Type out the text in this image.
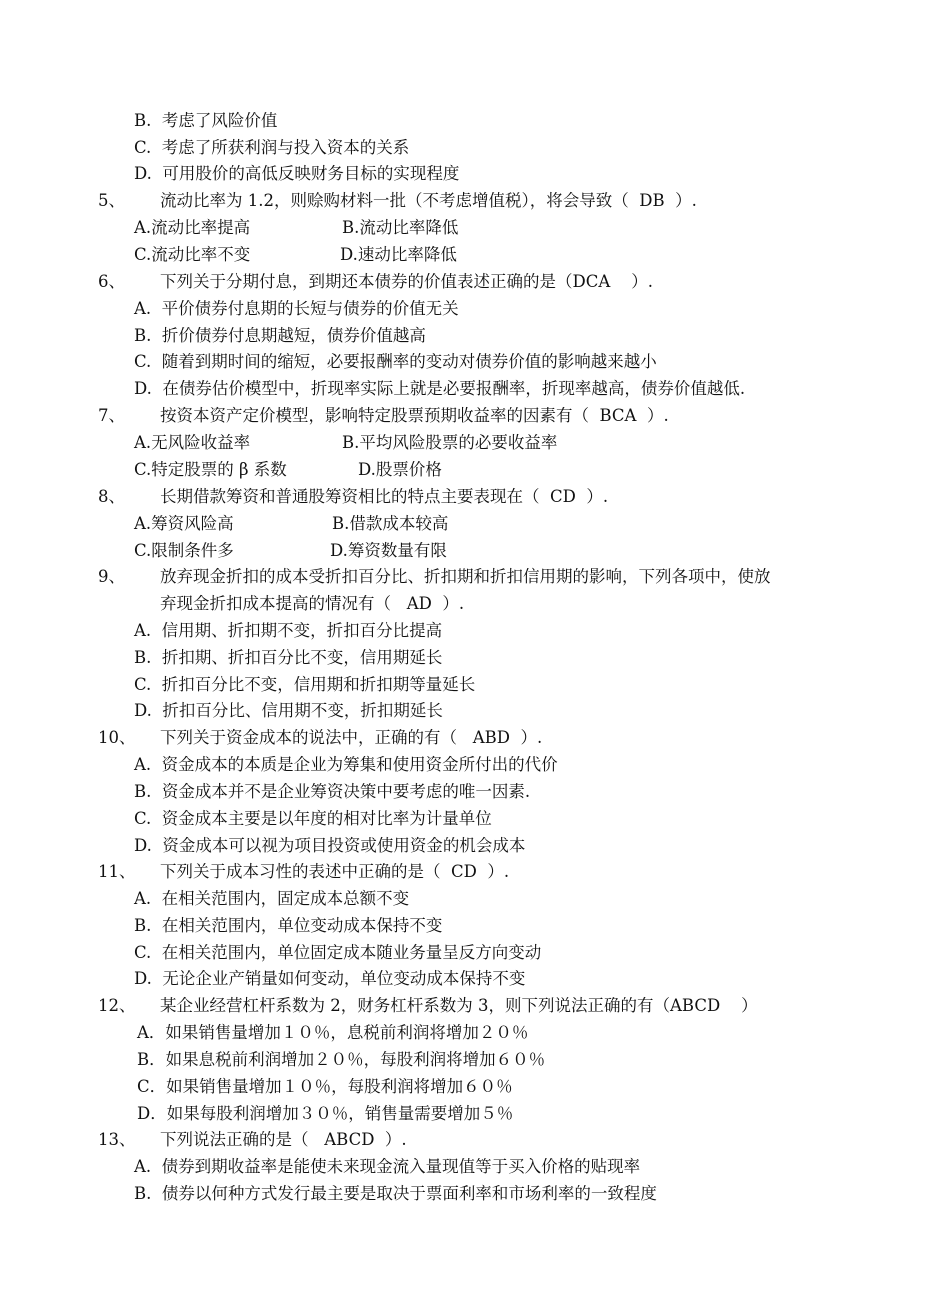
B.  考虑了风险价值
C.  考虑了所获利润与投入资本的关系
D.  可用股价的高低反映财务目标的实现程度
5、 流动比率为 1.2，则赊购材料一批（不考虑增值税），将会导致（  DB  ）.
A.流动比率提高	B.流动比率降低
C.流动比率不变	D.速动比率降低
6、 下列关于分期付息，到期还本债券的价值表述正确的是（DCA    ）.
A.  平价债券付息期的长短与债券的价值无关
B.  折价债券付息期越短，债券价值越高
C.  随着到期时间的缩短，必要报酬率的变动对债券价值的影响越来越小
D.  在债券估价模型中，折现率实际上就是必要报酬率，折现率越高，债券价值越低.
7、 按资本资产定价模型，影响特定股票预期收益率的因素有（  BCA  ）.
A.无风险收益率	B.平均风险股票的必要收益率
C.特定股票的 β 系数	D.股票价格
8、 长期借款筹资和普通股筹资相比的特点主要表现在（  CD  ）.
A.筹资风险高	B.借款成本较高
C.限制条件多	D.筹资数量有限
9、 放弃现金折扣的成本受折扣百分比、折扣期和折扣信用期的影响，下列各项中，使放
弃现金折扣成本提高的情况有（   AD  ）.
A.  信用期、折扣期不变，折扣百分比提高
B.  折扣期、折扣百分比不变，信用期延长
C.  折扣百分比不变，信用期和折扣期等量延长
D.  折扣百分比、信用期不变，折扣期延长
10、 下列关于资金成本的说法中，正确的有（   ABD  ）.
A.  资金成本的本质是企业为筹集和使用资金所付出的代价
B.  资金成本并不是企业筹资决策中要考虑的唯一因素.
C.  资金成本主要是以年度的相对比率为计量单位
D.  资金成本可以视为项目投资或使用资金的机会成本
11、 下列关于成本习性的表述中正确的是（  CD  ）.
A.  在相关范围内，固定成本总额不变
B.  在相关范围内，单位变动成本保持不变
C.  在相关范围内，单位固定成本随业务量呈反方向变动
D.  无论企业产销量如何变动，单位变动成本保持不变
12、 某企业经营杠杆系数为 2，财务杠杆系数为 3，则下列说法正确的有（ABCD    ）
A．如果销售量增加１０％，息税前利润将增加２０％
B．如果息税前利润增加２０％，每股利润将增加６０％
C．如果销售量增加１０％，每股利润将增加６０％
D．如果每股利润增加３０％，销售量需要增加５％
13、 下列说法正确的是（   ABCD  ）.
A.  债券到期收益率是能使未来现金流入量现值等于买入价格的贴现率
B.  债券以何种方式发行最主要是取决于票面利率和市场利率的一致程度
